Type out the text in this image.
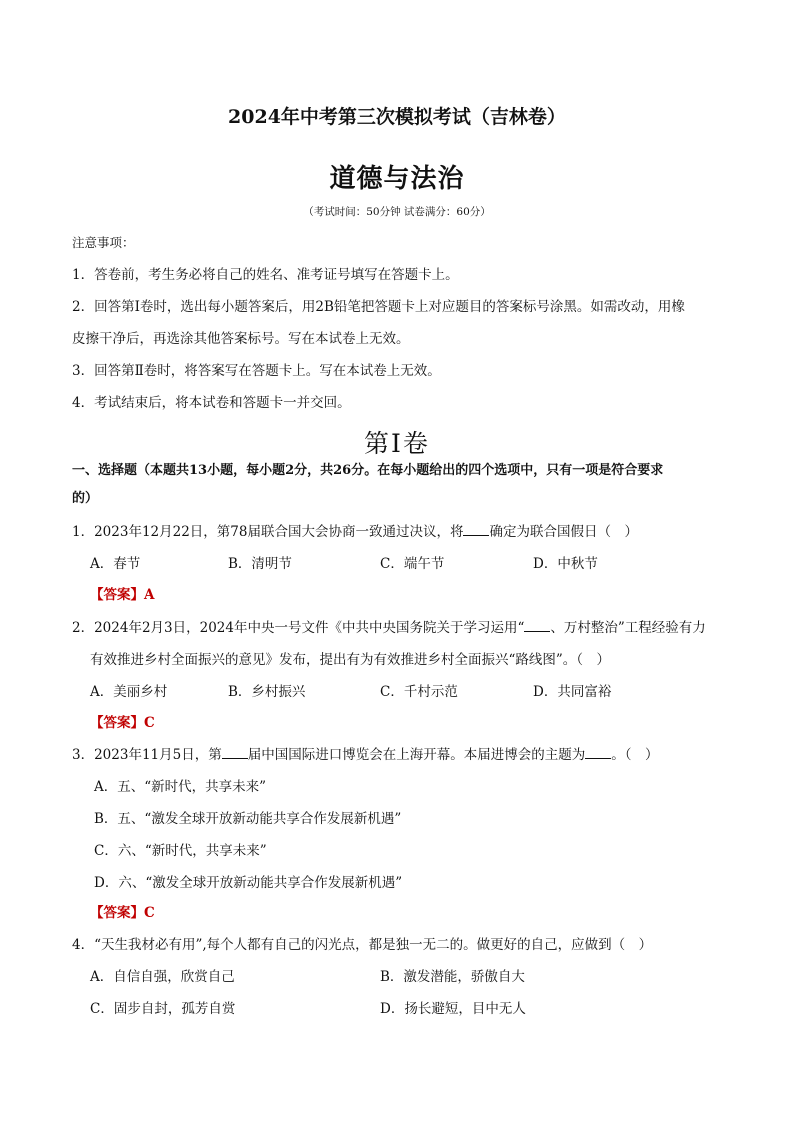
2024年中考第三次模拟考试（吉林卷）
道德与法治
（考试时间：50分钟 试卷满分：60分）
注意事项：
1．答卷前，考生务必将自己的姓名、准考证号填写在答题卡上。
2．回答第Ⅰ卷时，选出每小题答案后，用2B铅笔把答题卡上对应题目的答案标号涂黑。如需改动，用橡
皮擦干净后，再选涂其他答案标号。写在本试卷上无效。
3．回答第Ⅱ卷时，将答案写在答题卡上。写在本试卷上无效。
4．考试结束后，将本试卷和答题卡一并交回。
第Ⅰ卷
一、选择题（本题共13小题，每小题2分，共26分。在每小题给出的四个选项中，只有一项是符合要求
的）
1．2023年12月22日，第78届联合国大会协商一致通过决议，将 确定为联合国假日（　）
A．春节	B．清明节	C．端午节	D．中秋节
【答案】A
2．2024年2月3日，2024年中央一号文件《中共中央国务院关于学习运用“ 、万村整治”工程经验有力
有效推进乡村全面振兴的意见》发布，提出有为有效推进乡村全面振兴“路线图”。（　）
A．美丽乡村	B．乡村振兴	C．千村示范	D．共同富裕
【答案】C
3．2023年11月5日，第 届中国国际进口博览会在上海开幕。本届进博会的主题为 。（　）
A．五、“新时代，共享未来”
B．五、“激发全球开放新动能共享合作发展新机遇”
C．六、“新时代，共享未来”
D．六、“激发全球开放新动能共享合作发展新机遇”
【答案】C
4．“天生我材必有用”,每个人都有自己的闪光点，都是独一无二的。做更好的自己，应做到（　）
A．自信自强，欣赏自己	B．激发潜能，骄傲自大
C．固步自封，孤芳自赏	D．扬长避短，目中无人
